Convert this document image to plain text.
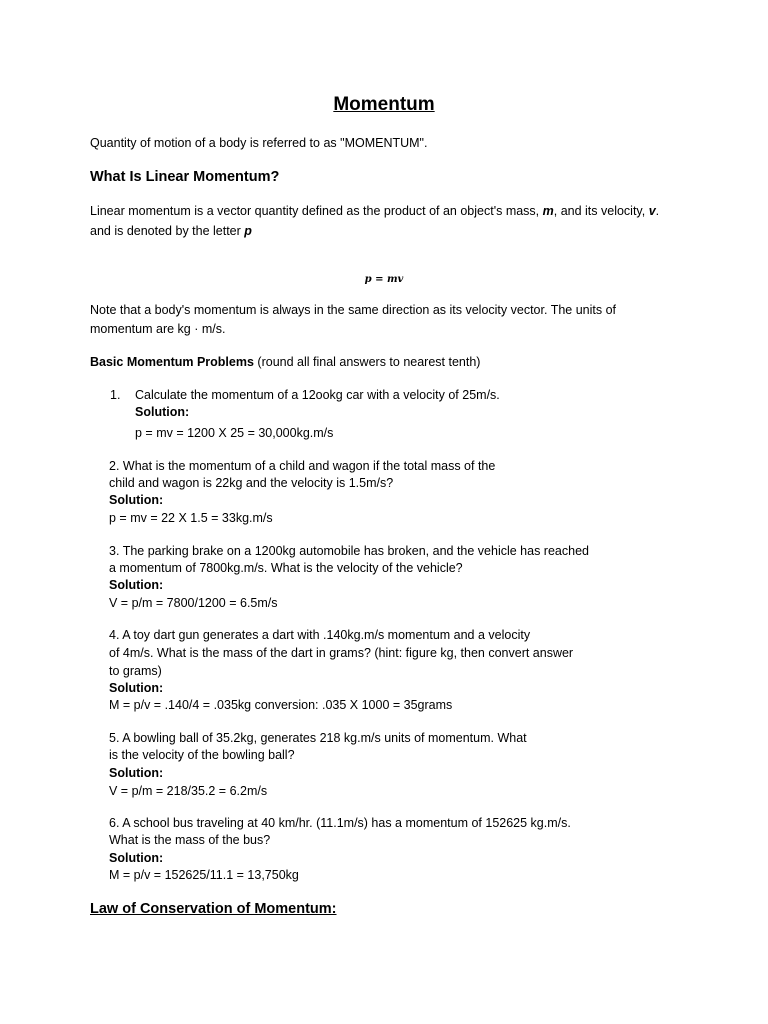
Momentum
Quantity of motion of a body is referred to as "MOMENTUM".
What Is Linear Momentum?
Linear momentum is a vector quantity defined as the product of an object's mass, m, and its velocity, v.
and is denoted by the letter p
p = mv
Note that a body's momentum is always in the same direction as its velocity vector. The units of
momentum are kg · m/s.
Basic Momentum Problems (round all final answers to nearest tenth)
1. Calculate the momentum of a 12ookg car with a velocity of 25m/s.
Solution:
p = mv = 1200 X 25 = 30,000kg.m/s
2. What is the momentum of a child and wagon if the total mass of the
child and wagon is 22kg and the velocity is 1.5m/s?
Solution:
p = mv = 22 X 1.5 = 33kg.m/s
3. The parking brake on a 1200kg automobile has broken, and the vehicle has reached
a momentum of 7800kg.m/s. What is the velocity of the vehicle?
Solution:
V = p/m = 7800/1200 = 6.5m/s
4. A toy dart gun generates a dart with .140kg.m/s momentum and a velocity
of 4m/s. What is the mass of the dart in grams? (hint: figure kg, then convert answer
to grams)
Solution:
M = p/v = .140/4 = .035kg conversion: .035 X 1000 = 35grams
5. A bowling ball of 35.2kg, generates 218 kg.m/s units of momentum. What
is the velocity of the bowling ball?
Solution:
V = p/m = 218/35.2 = 6.2m/s
6. A school bus traveling at 40 km/hr. (11.1m/s) has a momentum of 152625 kg.m/s.
What is the mass of the bus?
Solution:
M = p/v = 152625/11.1 = 13,750kg
Law of Conservation of Momentum:
